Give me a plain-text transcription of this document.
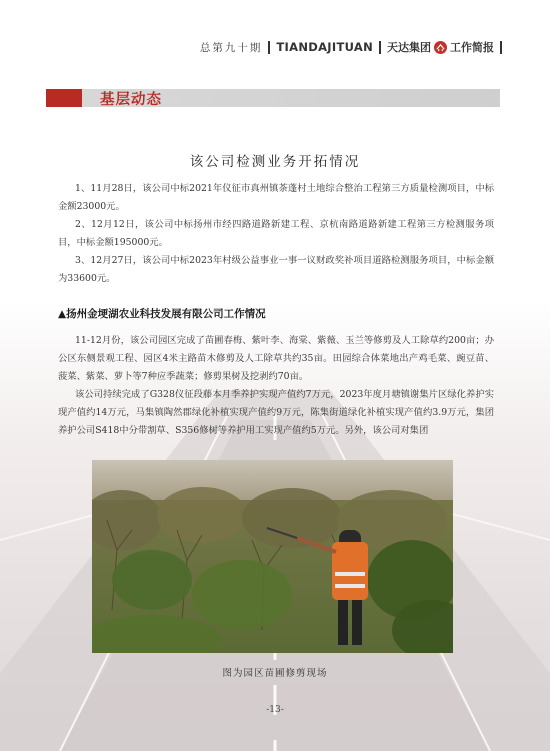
总第九十期 TIANDAJITUAN 天达集团 工作简报
基层动态
该公司检测业务开拓情况
1、11月28日，该公司中标2021年仪征市真州镇茶蓬村土地综合整治工程第三方质量检测项目，中标金额23000元。
2、12月12日，该公司中标扬州市经四路道路新建工程、京杭南路道路新建工程第三方检测服务项目，中标金额195000元。
3、12月27日，该公司中标2023年村级公益事业一事一议财政奖补项目道路检测服务项目，中标金额为33600元。
▲扬州金埂湖农业科技发展有限公司工作情况
11-12月份，该公司园区完成了苗圃春梅、紫叶李、海棠、紫薇、玉兰等修剪及人工除草约200亩；办公区东侧景观工程、园区4米主路苗木修剪及人工除草共约35亩。田园综合体菜地出产鸡毛菜、豌豆苗、菠菜、紫菜、萝卜等7种应季蔬菜；修剪果树及挖剥约70亩。
该公司持续完成了G328仪征段藤本月季养护实现产值约7万元，2023年度月塘镇谢集片区绿化养护实现产值约14万元，马集镇陶然郡绿化补植实现产值约9万元，陈集街道绿化补植实现产值约3.9万元，集团养护公司S418中分带割草、S356修树等养护用工实现产值约5万元。另外，该公司对集团
图为园区苗圃修剪现场
-13-
